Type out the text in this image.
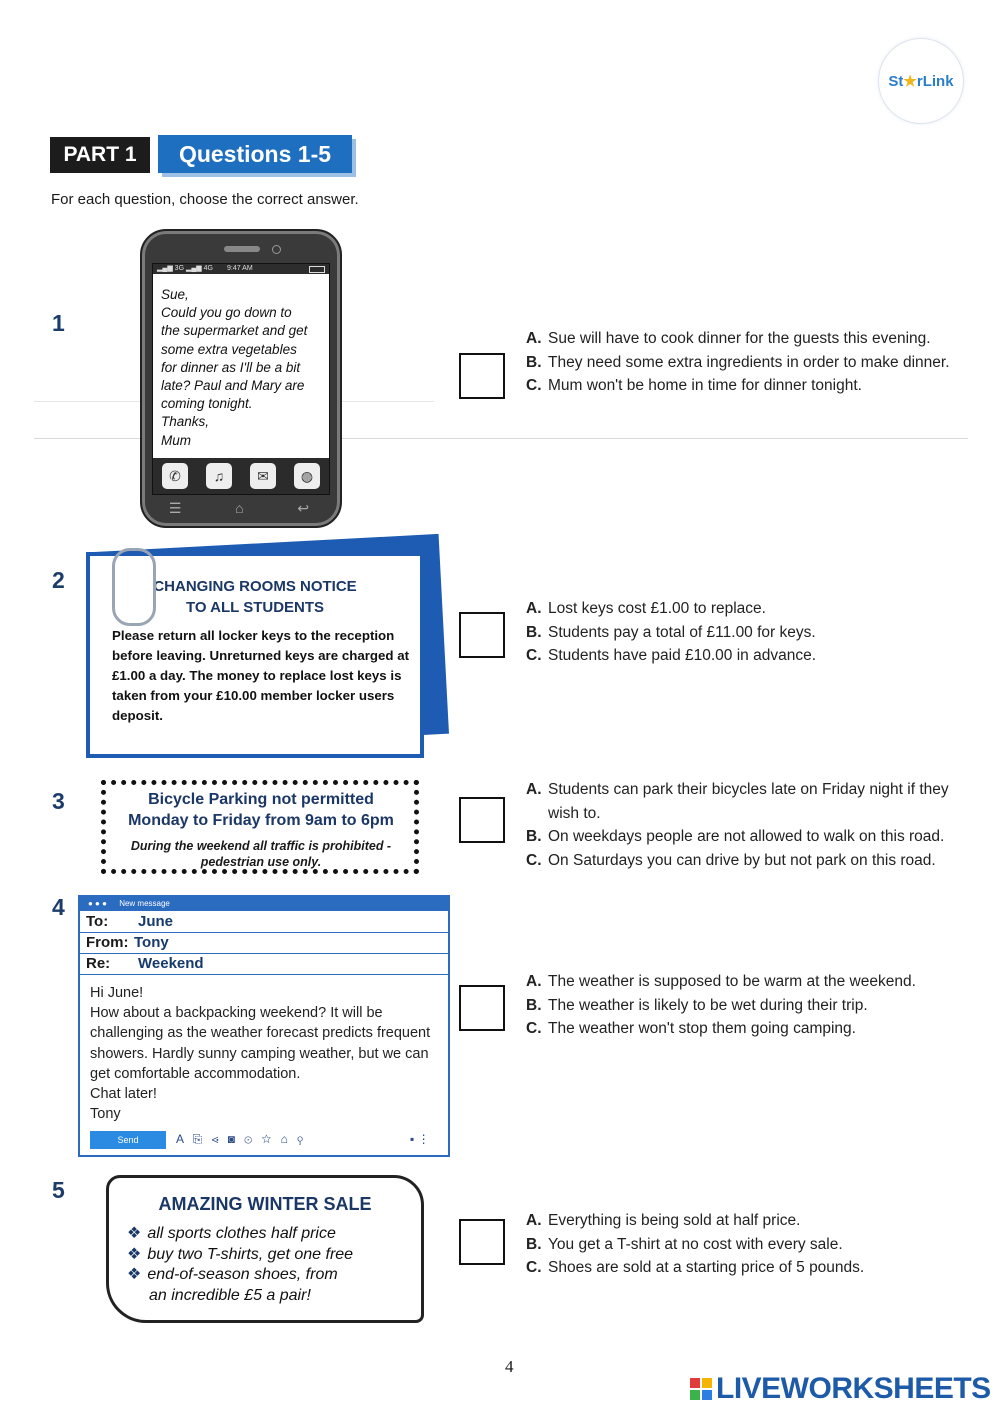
St ★ rLink
PART 1	Questions 1-5
For each question, choose the correct answer.
1
▂▄▆ 3G ▂▄▆ 4G 9:47 AM
Sue,
Could you go down to
the supermarket and get
some extra vegetables
for dinner as I'll be a bit
late? Paul and Mary are
coming tonight.
Thanks,
Mum
✆	♫	✉	◍
☰	⌂	↩
A. Sue will have to cook dinner for the guests this evening.
B. They need some extra ingredients in order to make dinner.
C. Mum won't be home in time for dinner tonight.
2	CHANGING ROOMS NOTICE
TO ALL STUDENTS
Please return all locker keys to the reception before leaving. Unreturned keys are charged at £1.00 a day. The money to replace lost keys is taken from your £10.00 member locker users deposit.
A. Lost keys cost £1.00 to replace.
B. Students pay a total of £11.00 for keys.
C. Students have paid £10.00 in advance.
3	Bicycle Parking not permitted
Monday to Friday from 9am to 6pm
During the weekend all traffic is prohibited - pedestrian use only.
A. Students can park their bicycles late on Friday night if they wish to.
B. On weekdays people are not allowed to walk on this road.
C. On Saturdays you can drive by but not park on this road.
4	● ● ● New message
To: June
From: Tony
Re: Weekend
Hi June!
How about a backpacking weekend? It will be challenging as the weather forecast predicts frequent showers. Hardly sunny camping weather, but we can get comfortable accommodation.
Chat later!
Tony
Send	A ⎘ ⋖ ◙ ⊙ ☆ ⌂ ⚲	▪ ⋮
A. The weather is supposed to be warm at the weekend.
B. The weather is likely to be wet during their trip.
C. The weather won't stop them going camping.
5
AMAZING WINTER SALE
❖ all sports clothes half price
❖ buy two T-shirts, get one free
❖ end-of-season shoes, from
an incredible £5 a pair!
A. Everything is being sold at half price.
B. You get a T-shirt at no cost with every sale.
C. Shoes are sold at a starting price of 5 pounds.
4
LIVEWORKSHEETS
